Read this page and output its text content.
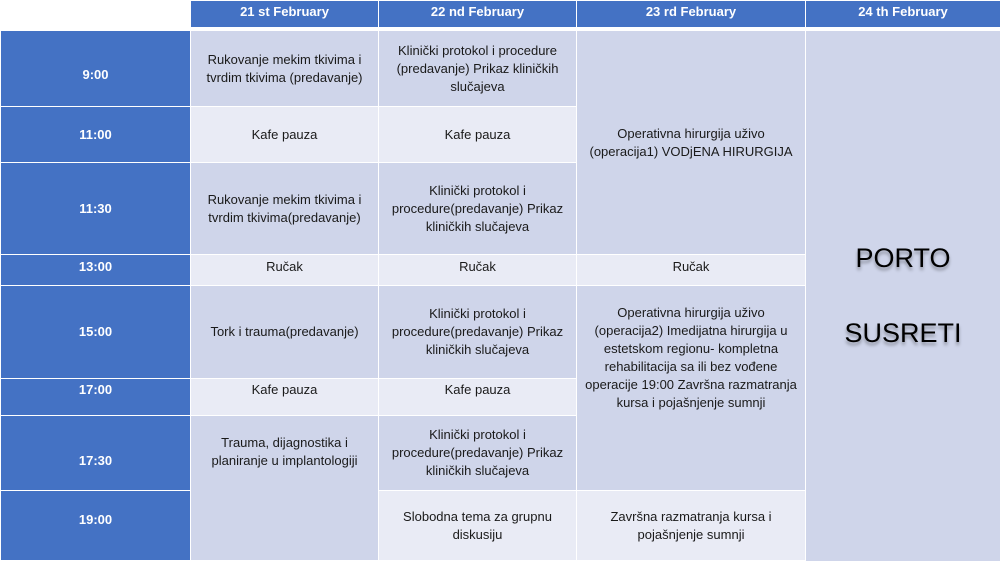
	21 st February	22 nd February	23 rd February	24 th February

9:00	Rukovanje mekim tkivima i tvrdim tkivima (predavanje)	Klinički protokol i procedure (predavanje) Prikaz kliničkih slučajeva	Operativna hirurgija uživo (operacija1) VODjENA HIRURGIJA	PORTO
SUSRETI

11:00	Kafe pauza	Kafe pauza		

11:30	Rukovanje mekim tkivima i tvrdim tkivima(predavanje)	Klinički protokol i procedure(predavanje) Prikaz kliničkih slučajeva		

13:00	Ručak	Ručak	Ručak	

15:00	Tork i trauma(predavanje)	Klinički protokol i procedure(predavanje) Prikaz kliničkih slučajeva	Operativna hirurgija uživo (operacija2) Imedijatna hirurgija u estetskom regionu- kompletna rehabilitacija sa ili bez vođene operacije 19:00 Završna razmatranja kursa i pojašnjenje sumnji	

17:00	Kafe pauza	Kafe pauza		

17:30	Trauma, dijagnostika i planiranje u implantologiji	Klinički protokol i procedure(predavanje) Prikaz kliničkih slučajeva		

19:00		Slobodna tema za grupnu diskusiju	Završna razmatranja kursa i pojašnjenje sumnji	
